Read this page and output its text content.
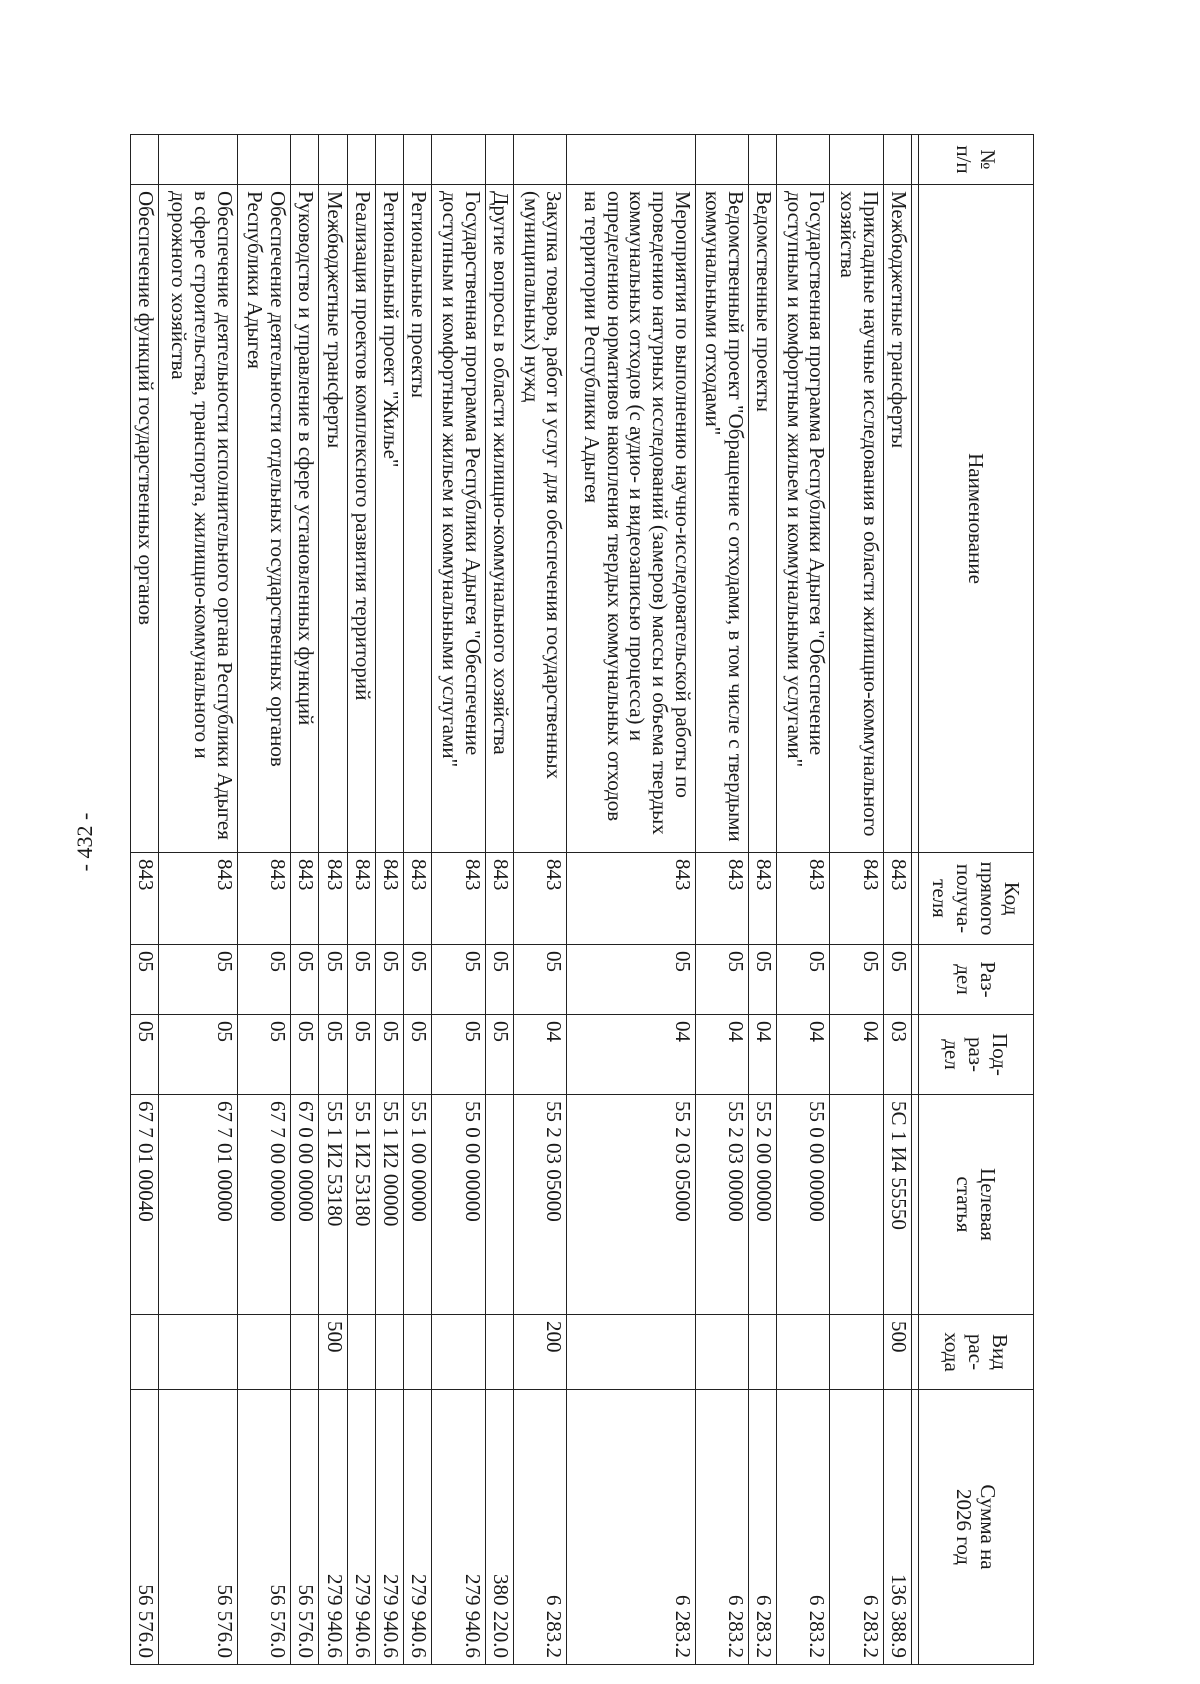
- 432 -
№
п/п	Наименование	Код
прямого
получа-
теля	Раз-
дел	Под-
раз-
дел	Целевая
статья	Вид
рас-
хода	Сумма на
2026 год

	Межбюджетные трансферты	843	05	03	5С 1 И4 55550	500	136 388.9
	Прикладные научные исследования в области жилищно-коммунального хозяйства	843	05	04			6 283.2
	Государственная программа Республики Адыгея "Обеспечение доступным и комфортным жильем и коммунальными услугами"	843	05	04	55 0 00 00000		6 283.2
	Ведомственные проекты	843	05	04	55 2 00 00000		6 283.2
	Ведомственный проект "Обращение с отходами, в том числе с твердыми коммунальными отходами"	843	05	04	55 2 03 00000		6 283.2
	Мероприятия по выполнению научно-исследовательской работы по проведению натурных исследований (замеров) массы и объема твердых коммунальных отходов (с аудио- и видеозаписью процесса) и определению нормативов накопления твердых коммунальных отходов на территории Республики Адыгея	843	05	04	55 2 03 05000		6 283.2
	Закупка товаров, работ и услуг для обеспечения государственных (муниципальных) нужд	843	05	04	55 2 03 05000	200	6 283.2
	Другие вопросы в области жилищно-коммунального хозяйства	843	05	05			380 220.0
	Государственная программа Республики Адыгея "Обеспечение доступным и комфортным жильем и коммунальными услугами"	843	05	05	55 0 00 00000		279 940.6
	Региональные проекты	843	05	05	55 1 00 00000		279 940.6
	Региональный проект "Жилье"	843	05	05	55 1 И2 00000		279 940.6
	Реализация проектов комплексного развития территорий	843	05	05	55 1 И2 53180		279 940.6
	Межбюджетные трансферты	843	05	05	55 1 И2 53180	500	279 940.6
	Руководство и управление в сфере установленных функций	843	05	05	67 0 00 00000		56 576.0
	Обеспечение деятельности отдельных государственных органов Республики Адыгея	843	05	05	67 7 00 00000		56 576.0
	Обеспечение деятельности исполнительного органа Республики Адыгея в сфере строительства, транспорта, жилищно-коммунального и дорожного хозяйства	843	05	05	67 7 01 00000		56 576.0
	Обеспечение функций государственных органов	843	05	05	67 7 01 00040		56 576.0
